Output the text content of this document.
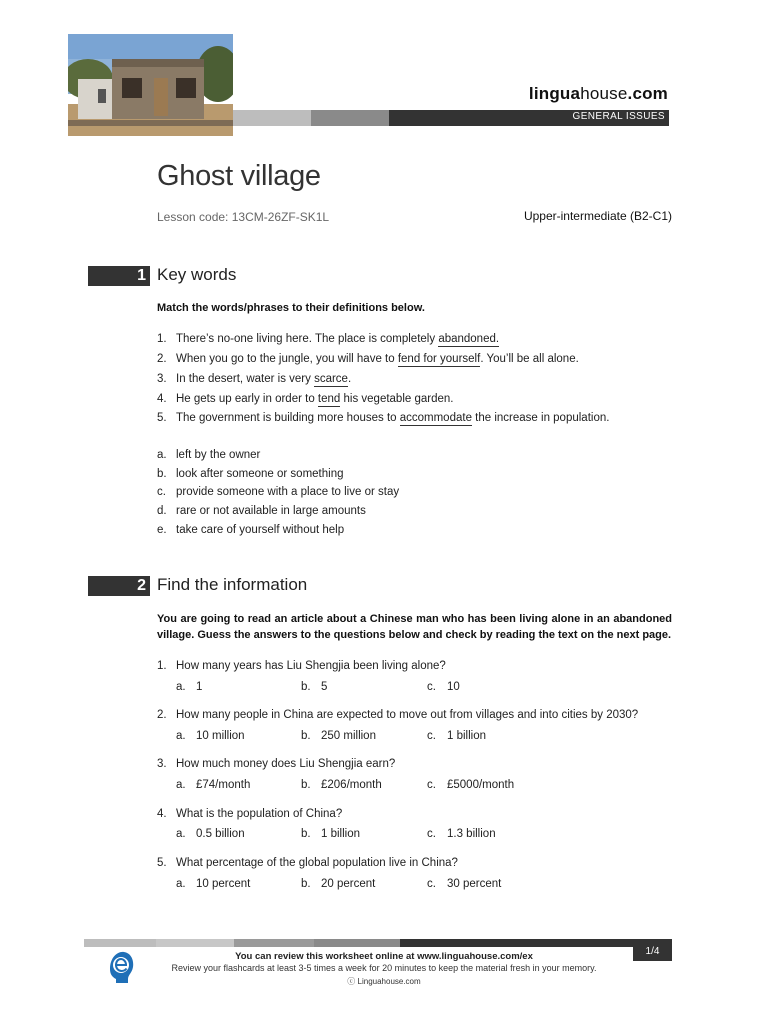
linguahouse.com
GENERAL ISSUES
Ghost village
Lesson code: 13CM-26ZF-SK1L	Upper-intermediate (B2-C1)
1 Key words
Match the words/phrases to their definitions below.
1. There’s no-one living here. The place is completely abandoned.
2. When you go to the jungle, you will have to fend for yourself. You’ll be all alone.
3. In the desert, water is very scarce.
4. He gets up early in order to tend his vegetable garden.
5. The government is building more houses to accommodate the increase in population.
a. left by the owner
b. look after someone or something
c. provide someone with a place to live or stay
d. rare or not available in large amounts
e. take care of yourself without help
2 Find the information
You are going to read an article about a Chinese man who has been living alone in an abandoned village. Guess the answers to the questions below and check by reading the text on the next page.
1. How many years has Liu Shengjia been living alone?
a. 1	b. 5	c. 10
2. How many people in China are expected to move out from villages and into cities by 2030?
a. 10 million	b. 250 million	c. 1 billion
3. How much money does Liu Shengjia earn?
a. £74/month	b. £206/month	c. £5000/month
4. What is the population of China?
a. 0.5 billion	b. 1 billion	c. 1.3 billion
5. What percentage of the global population live in China?
a. 10 percent	b. 20 percent	c. 30 percent
1/4
You can review this worksheet online at www.linguahouse.com/ex
Review your flashcards at least 3-5 times a week for 20 minutes to keep the material fresh in your memory.
ⓒ Linguahouse.com
